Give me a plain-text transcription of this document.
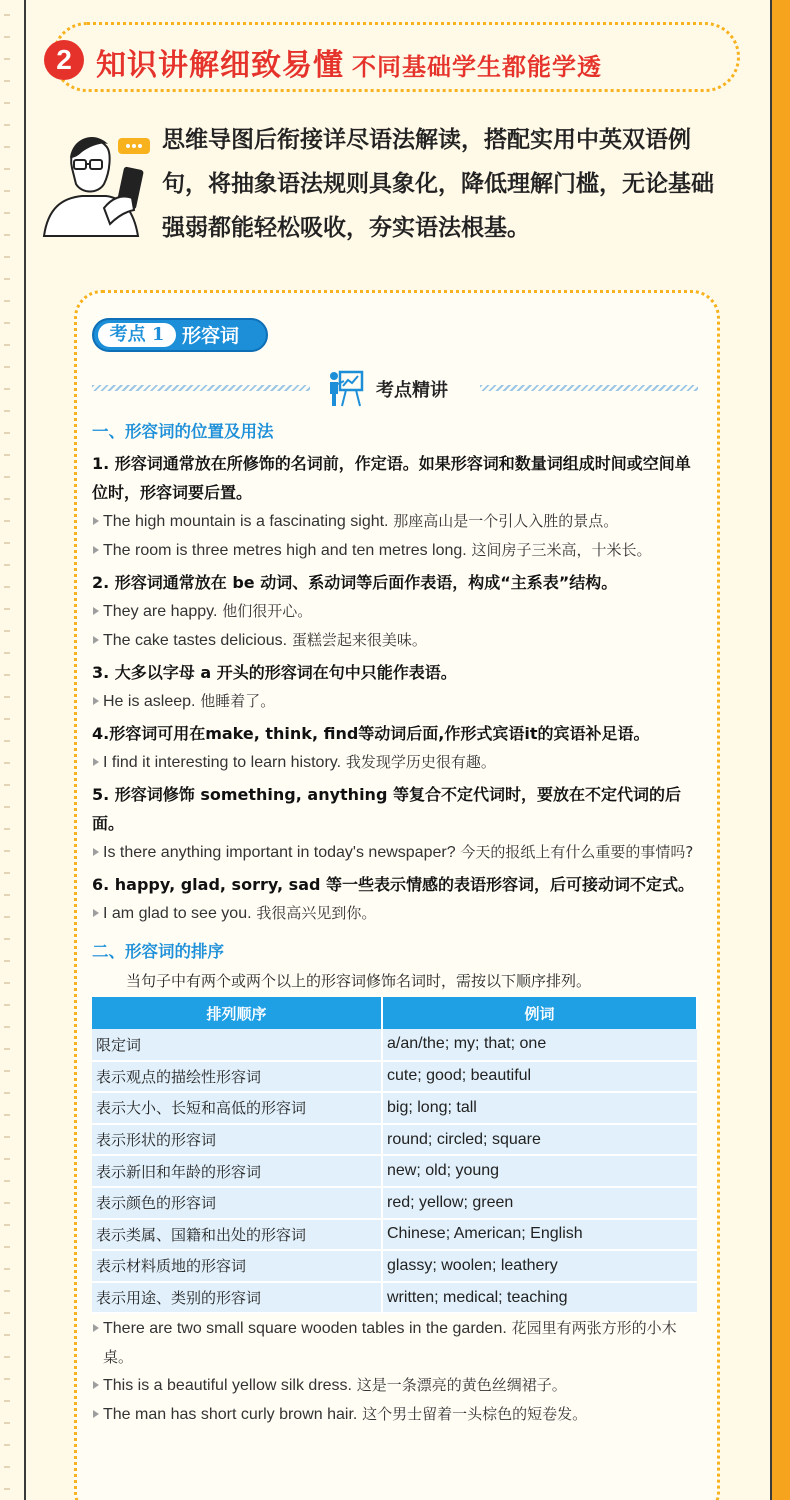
2 知识讲解细致易懂 不同基础学生都能学透
思维导图后衔接详尽语法解读，搭配实用中英双语例句，将抽象语法规则具象化，降低理解门槛，无论基础强弱都能轻松吸收，夯实语法根基。
考点 1 形容词
考点精讲
一、形容词的位置及用法
1. 形容词通常放在所修饰的名词前，作定语。如果形容词和数量词组成时间或空间单位时，形容词要后置。
The high mountain is a fascinating sight. 那座高山是一个引人入胜的景点。
The room is three metres high and ten metres long. 这间房子三米高，十米长。
2. 形容词通常放在 be 动词、系动词等后面作表语，构成“主系表”结构。
They are happy. 他们很开心。
The cake tastes delicious. 蛋糕尝起来很美味。
3. 大多以字母 a 开头的形容词在句中只能作表语。
He is asleep. 他睡着了。
4.形容词可用在make, think, find等动词后面,作形式宾语it的宾语补足语。
I find it interesting to learn history. 我发现学历史很有趣。
5. 形容词修饰 something, anything 等复合不定代词时，要放在不定代词的后面。
Is there anything important in today's newspaper? 今天的报纸上有什么重要的事情吗?
6. happy, glad, sorry, sad 等一些表示情感的表语形容词，后可接动词不定式。
I am glad to see you. 我很高兴见到你。
二、形容词的排序
当句子中有两个或两个以上的形容词修饰名词时，需按以下顺序排列。
排列顺序	例词
限定词	a/an/the; my; that; one
表示观点的描绘性形容词	cute; good; beautiful
表示大小、长短和高低的形容词	big; long; tall
表示形状的形容词	round; circled; square
表示新旧和年龄的形容词	new; old; young
表示颜色的形容词	red; yellow; green
表示类属、国籍和出处的形容词	Chinese; American; English
表示材料质地的形容词	glassy; woolen; leathery
表示用途、类别的形容词	written; medical; teaching
There are two small square wooden tables in the garden. 花园里有两张方形的小木桌。
This is a beautiful yellow silk dress. 这是一条漂亮的黄色丝绸裙子。
The man has short curly brown hair. 这个男士留着一头棕色的短卷发。
